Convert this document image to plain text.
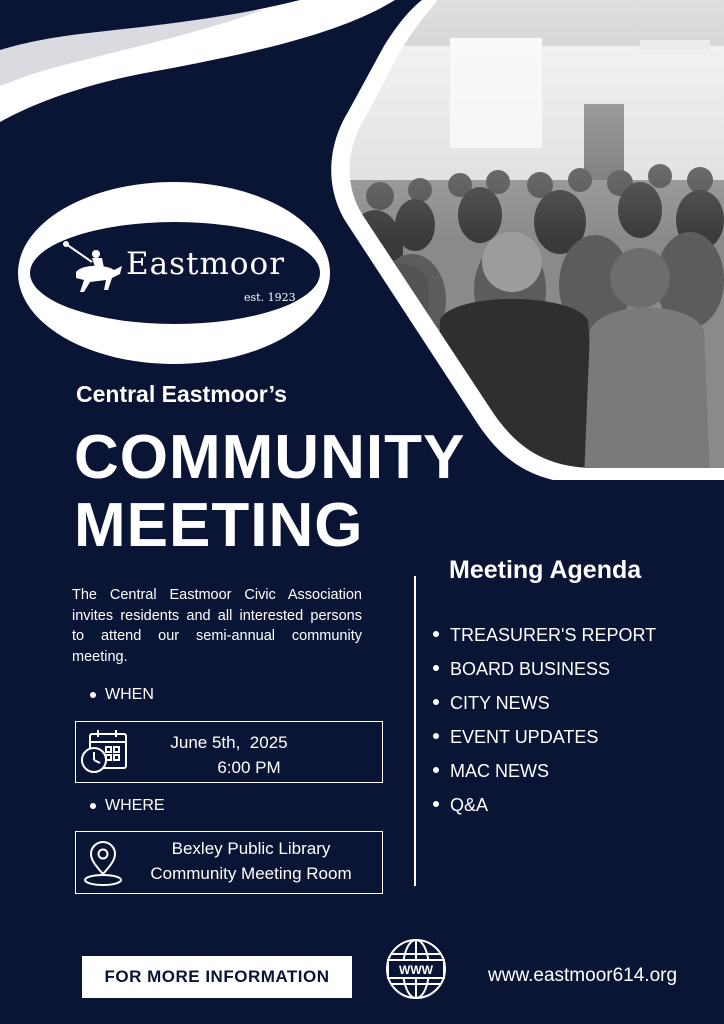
Eastmoor
est. 1923
Central Eastmoor’s
COMMUNITY
MEETING
The Central Eastmoor Civic Association invites residents and all interested persons to attend our semi-annual community meeting.
WHEN
June 5th,  2025
6:00 PM
WHERE
Bexley Public Library
Community Meeting Room
Meeting Agenda
TREASURER'S REPORT
BOARD BUSINESS
CITY NEWS
EVENT UPDATES
MAC NEWS
Q&A
FOR MORE INFORMATION	WWW	www.eastmoor614.org
